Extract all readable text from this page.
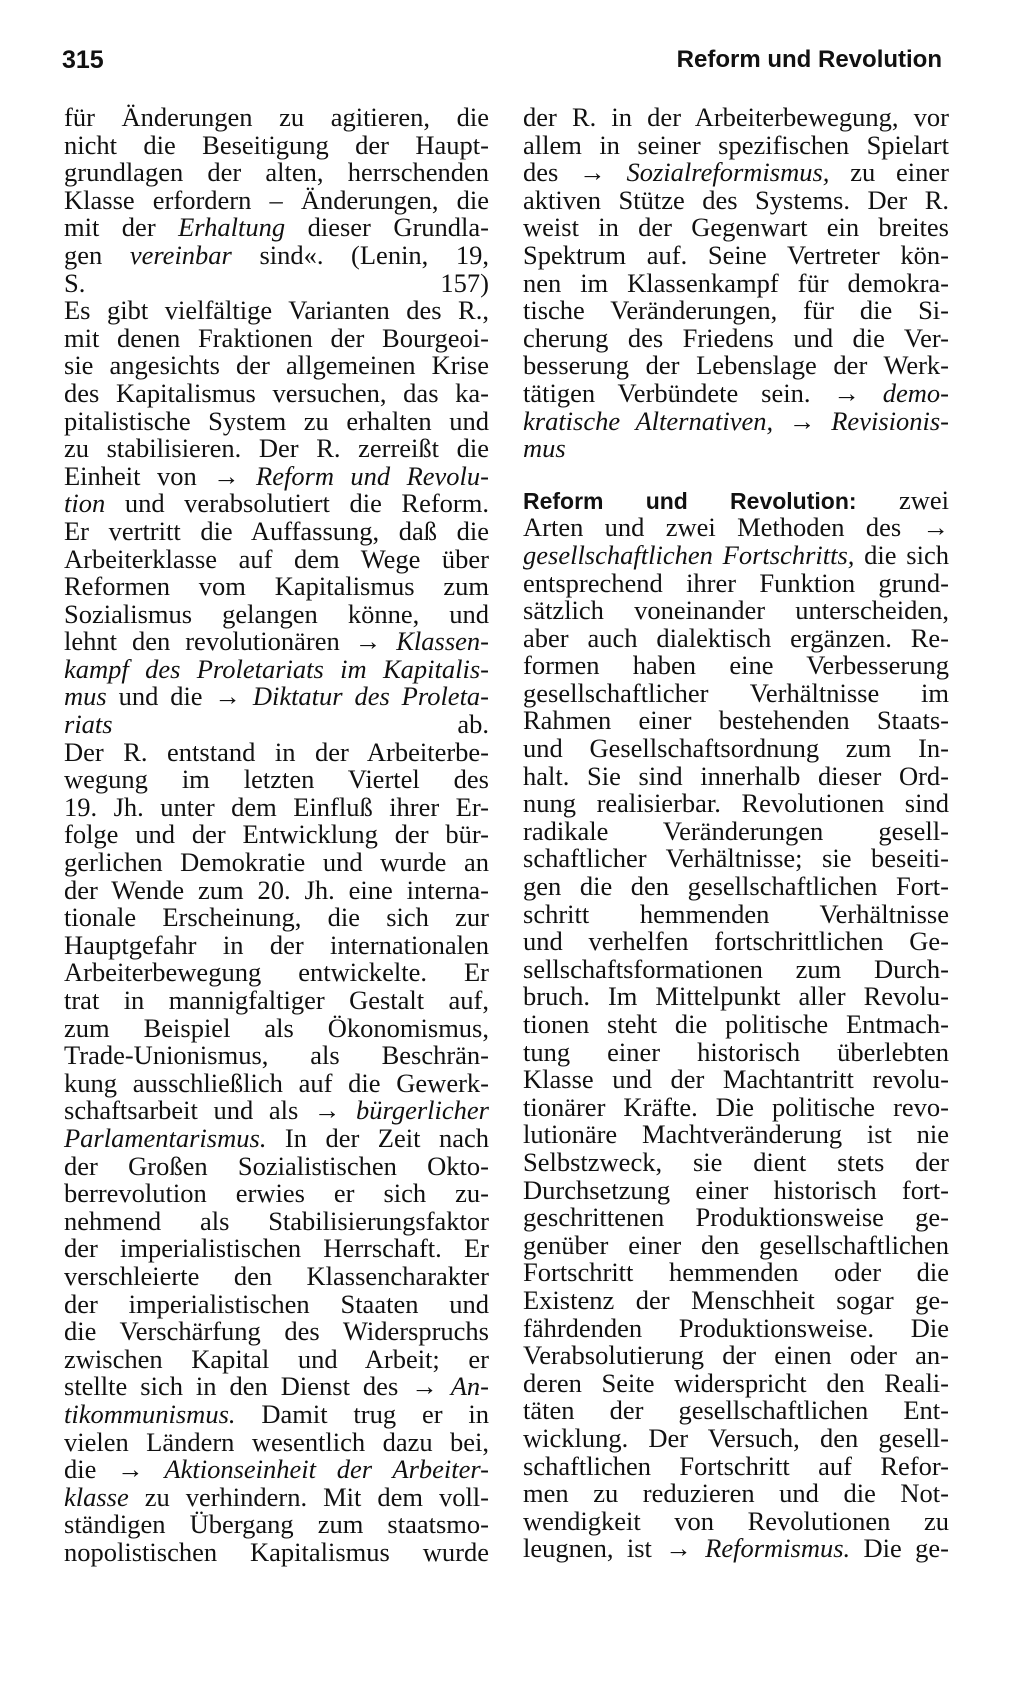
315	Reform und Revolution
für Änderungen zu agitieren, die
nicht die Beseitigung der Haupt-
grundlagen der alten, herrschenden
Klasse erfordern – Änderungen, die
mit der Erhaltung dieser Grundla-
gen vereinbar sind«. (Lenin, 19,
S. 157)
Es gibt vielfältige Varianten des R.,
mit denen Fraktionen der Bourgeoi-
sie angesichts der allgemeinen Krise
des Kapitalismus versuchen, das ka-
pitalistische System zu erhalten und
zu stabilisieren. Der R. zerreißt die
Einheit von → Reform und Revolu-
tion und verabsolutiert die Reform.
Er vertritt die Auffassung, daß die
Arbeiterklasse auf dem Wege über
Reformen vom Kapitalismus zum
Sozialismus gelangen könne, und
lehnt den revolutionären → Klassen-
kampf des Proletariats im Kapitalis-
mus und die → Diktatur des Proleta-
riats ab.
Der R. entstand in der Arbeiterbe-
wegung im letzten Viertel des
19. Jh. unter dem Einfluß ihrer Er-
folge und der Entwicklung der bür-
gerlichen Demokratie und wurde an
der Wende zum 20. Jh. eine interna-
tionale Erscheinung, die sich zur
Hauptgefahr in der internationalen
Arbeiterbewegung entwickelte. Er
trat in mannigfaltiger Gestalt auf,
zum Beispiel als Ökonomismus,
Trade-Unionismus, als Beschrän-
kung ausschließlich auf die Gewerk-
schaftsarbeit und als → bürgerlicher
Parlamentarismus. In der Zeit nach
der Großen Sozialistischen Okto-
berrevolution erwies er sich zu-
nehmend als Stabilisierungsfaktor
der imperialistischen Herrschaft. Er
verschleierte den Klassencharakter
der imperialistischen Staaten und
die Verschärfung des Widerspruchs
zwischen Kapital und Arbeit; er
stellte sich in den Dienst des → An-
tikommunismus. Damit trug er in
vielen Ländern wesentlich dazu bei,
die → Aktionseinheit der Arbeiter-
klasse zu verhindern. Mit dem voll-
ständigen Übergang zum staatsmo-
nopolistischen Kapitalismus wurde
der R. in der Arbeiterbewegung, vor
allem in seiner spezifischen Spielart
des → Sozialreformismus, zu einer
aktiven Stütze des Systems. Der R.
weist in der Gegenwart ein breites
Spektrum auf. Seine Vertreter kön-
nen im Klassenkampf für demokra-
tische Veränderungen, für die Si-
cherung des Friedens und die Ver-
besserung der Lebenslage der Werk-
tätigen Verbündete sein. → demo-
kratische Alternativen, → Revisionis-
mus
Reform und Revolution: zwei
Arten und zwei Methoden des →
gesellschaftlichen Fortschritts, die sich
entsprechend ihrer Funktion grund-
sätzlich voneinander unterscheiden,
aber auch dialektisch ergänzen. Re-
formen haben eine Verbesserung
gesellschaftlicher Verhältnisse im
Rahmen einer bestehenden Staats-
und Gesellschaftsordnung zum In-
halt. Sie sind innerhalb dieser Ord-
nung realisierbar. Revolutionen sind
radikale Veränderungen gesell-
schaftlicher Verhältnisse; sie beseiti-
gen die den gesellschaftlichen Fort-
schritt hemmenden Verhältnisse
und verhelfen fortschrittlichen Ge-
sellschaftsformationen zum Durch-
bruch. Im Mittelpunkt aller Revolu-
tionen steht die politische Entmach-
tung einer historisch überlebten
Klasse und der Machtantritt revolu-
tionärer Kräfte. Die politische revo-
lutionäre Machtveränderung ist nie
Selbstzweck, sie dient stets der
Durchsetzung einer historisch fort-
geschrittenen Produktionsweise ge-
genüber einer den gesellschaftlichen
Fortschritt hemmenden oder die
Existenz der Menschheit sogar ge-
fährdenden Produktionsweise. Die
Verabsolutierung der einen oder an-
deren Seite widerspricht den Reali-
täten der gesellschaftlichen Ent-
wicklung. Der Versuch, den gesell-
schaftlichen Fortschritt auf Refor-
men zu reduzieren und die Not-
wendigkeit von Revolutionen zu
leugnen, ist → Reformismus. Die ge-
